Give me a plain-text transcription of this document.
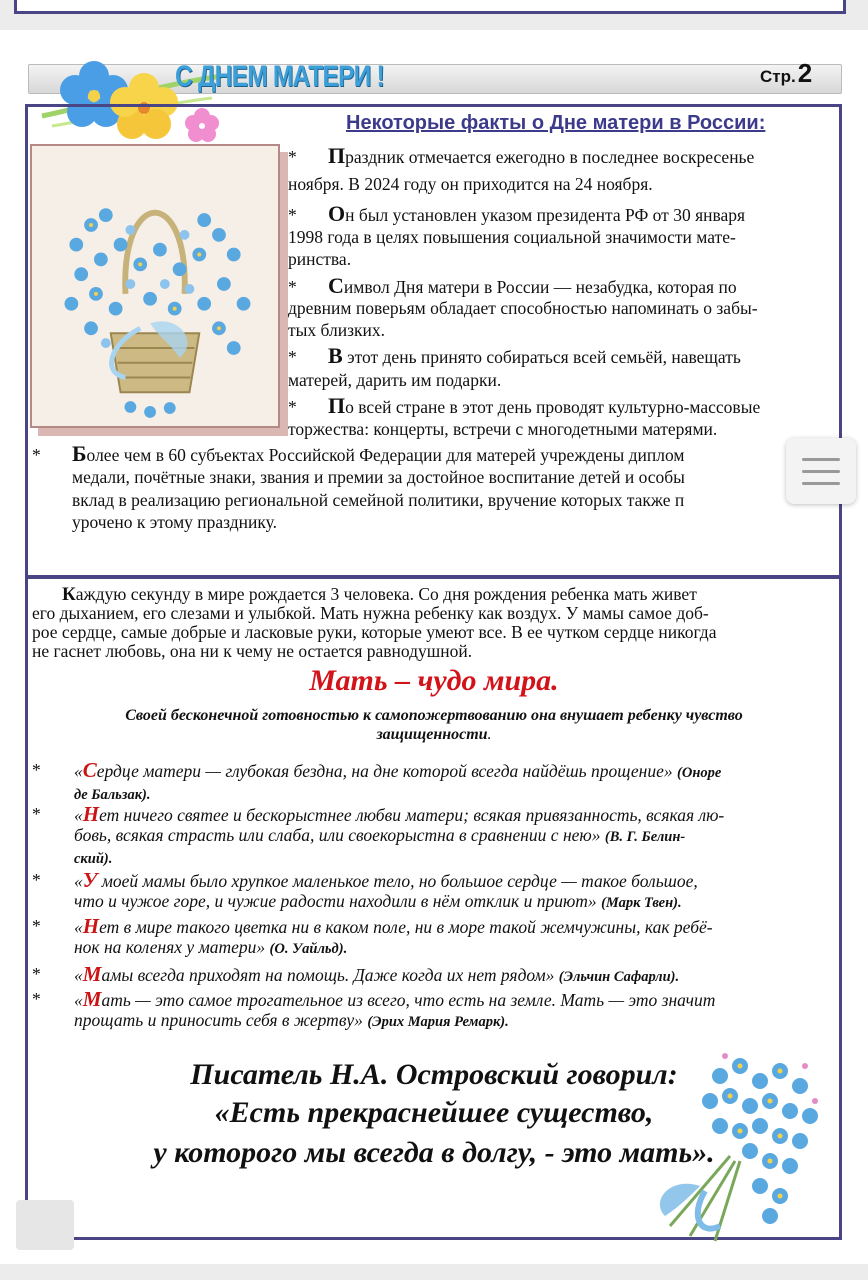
С ДНЕМ МАТЕРИ !	Стр.2
Некоторые факты о Дне матери в России:
* Праздник отмечается ежегодно в последнее воскресенье
ноября. В 2024 году он приходится на 24 ноября.
* Он был установлен указом президента РФ от 30 января
1998 года в целях повышения социальной значимости мате-
ринства.
* Символ Дня матери в России — незабудка, которая по
древним поверьям обладает способностью напоминать о забы-
тых близких.
* В этот день принято собираться всей семьёй, навещать
матерей, дарить им подарки.
* По всей стране в этот день проводят культурно-массовые
торжества: концерты, встречи с многодетными матерями.
* Более чем в 60 субъектах Российской Федерации для матерей учреждены диплом
медали, почётные знаки, звания и премии за достойное воспитание детей и особы
вклад в реализацию региональной семейной политики, вручение которых также п
урочено к этому празднику.
Каждую секунду в мире рождается 3 человека. Со дня рождения ребенка мать живет
его дыханием, его слезами и улыбкой. Мать нужна ребенку как воздух. У мамы самое доб-
рое сердце, самые добрые и ласковые руки, которые умеют все. В ее чутком сердце никогда
не гаснет любовь, она ни к чему не остается равнодушной.
Мать – чудо мира.
Своей бесконечной готовностью к самопожертвованию она внушает ребенку чувство
защищенности.
*	«Сердце матери — глубокая бездна, на дне которой всегда найдёшь прощение» (Оноре
де Бальзак).
*	«Нет ничего святее и бескорыстнее любви матери; всякая привязанность, всякая лю-
бовь, всякая страсть или слаба, или своекорыстна в сравнении с нею» (В. Г. Белин-
ский).
*	«У моей мамы было хрупкое маленькое тело, но большое сердце — такое большое,
что и чужое горе, и чужие радости находили в нём отклик и приют» (Марк Твен).
*	«Нет в мире такого цветка ни в каком поле, ни в море такой жемчужины, как ребё-
нок на коленях у матери» (О. Уайльд).
*	«Мамы всегда приходят на помощь. Даже когда их нет рядом» (Эльчин Сафарли).
*	«Мать — это самое трогательное из всего, что есть на земле. Мать — это значит
прощать и приносить себя в жертву» (Эрих Мария Ремарк).
Писатель Н.А. Островский говорил:
«Есть прекраснейшее существо,
у которого мы всегда в долгу, - это мать».
